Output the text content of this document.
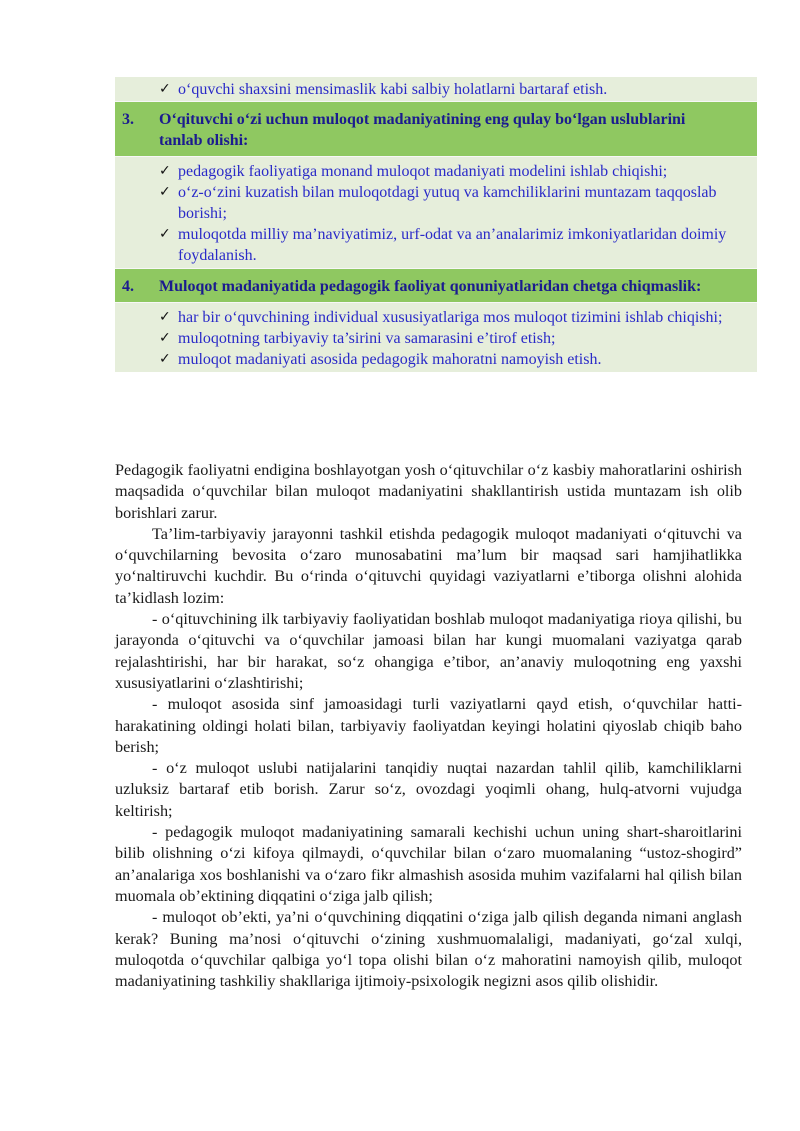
✓ o‘quvchi shaxsini mensimaslik kabi salbiy holatlarni bartaraf etish.
3.	O‘qituvchi o‘zi uchun muloqot madaniyatining eng qulay bo‘lgan uslublarini tanlab olishi:
✓ pedagogik faoliyatiga monand muloqot madaniyati modelini ishlab chiqishi;
✓ o‘z-o‘zini kuzatish bilan muloqotdagi yutuq va kamchiliklarini muntazam taqqoslab borishi;
✓ muloqotda milliy ma’naviyatimiz, urf-odat va an’analarimiz imkoniyatlaridan doimiy foydalanish.
4.	Muloqot madaniyatida pedagogik faoliyat qonuniyatlaridan chetga chiqmaslik:
✓ har bir o‘quvchining individual xususiyatlariga mos muloqot tizimini ishlab chiqishi;
✓ muloqotning tarbiyaviy ta’sirini va samarasini e’tirof etish;
✓ muloqot madaniyati asosida pedagogik mahoratni namoyish etish.

Pedagogik faoliyatni endigina boshlayotgan yosh o‘qituvchilar o‘z kasbiy mahoratlarini oshirish maqsadida o‘quvchilar bilan muloqot madaniyatini shakllantirish ustida muntazam ish olib borishlari zarur.

Ta’lim-tarbiyaviy jarayonni tashkil etishda pedagogik muloqot madaniyati o‘qituvchi va o‘quvchilarning bevosita o‘zaro munosabatini ma’lum bir maqsad sari hamjihatlikka yo‘naltiruvchi kuchdir. Bu o‘rinda o‘qituvchi quyidagi vaziyatlarni e’tiborga olishni alohida ta’kidlash lozim:

- o‘qituvchining ilk tarbiyaviy faoliyatidan boshlab muloqot madaniyatiga rioya qilishi, bu jarayonda o‘qituvchi va o‘quvchilar jamoasi bilan har kungi muomalani vaziyatga qarab rejalashtirishi, har bir harakat, so‘z ohangiga e’tibor, an’anaviy muloqotning eng yaxshi xususiyatlarini o‘zlashtirishi;

- muloqot asosida sinf jamoasidagi turli vaziyatlarni qayd etish, o‘quvchilar hatti-harakatining oldingi holati bilan, tarbiyaviy faoliyatdan keyingi holatini qiyoslab chiqib baho berish;

- o‘z muloqot uslubi natijalarini tanqidiy nuqtai nazardan tahlil qilib, kamchiliklarni uzluksiz bartaraf etib borish. Zarur so‘z, ovozdagi yoqimli ohang, hulq-atvorni vujudga keltirish;

- pedagogik muloqot madaniyatining samarali kechishi uchun uning shart-sharoitlarini bilib olishning o‘zi kifoya qilmaydi, o‘quvchilar bilan o‘zaro muomalaning “ustoz-shogird” an’analariga xos boshlanishi va o‘zaro fikr almashish asosida muhim vazifalarni hal qilish bilan muomala ob’ektining diqqatini o‘ziga jalb qilish;

- muloqot ob’ekti, ya’ni o‘quvchining diqqatini o‘ziga jalb qilish deganda nimani anglash kerak? Buning ma’nosi o‘qituvchi o‘zining xushmuomalaligi, madaniyati, go‘zal xulqi, muloqotda o‘quvchilar qalbiga yo‘l topa olishi bilan o‘z mahoratini namoyish qilib, muloqot madaniyatining tashkiliy shakllariga ijtimoiy-psixologik negizni asos qilib olishidir.
